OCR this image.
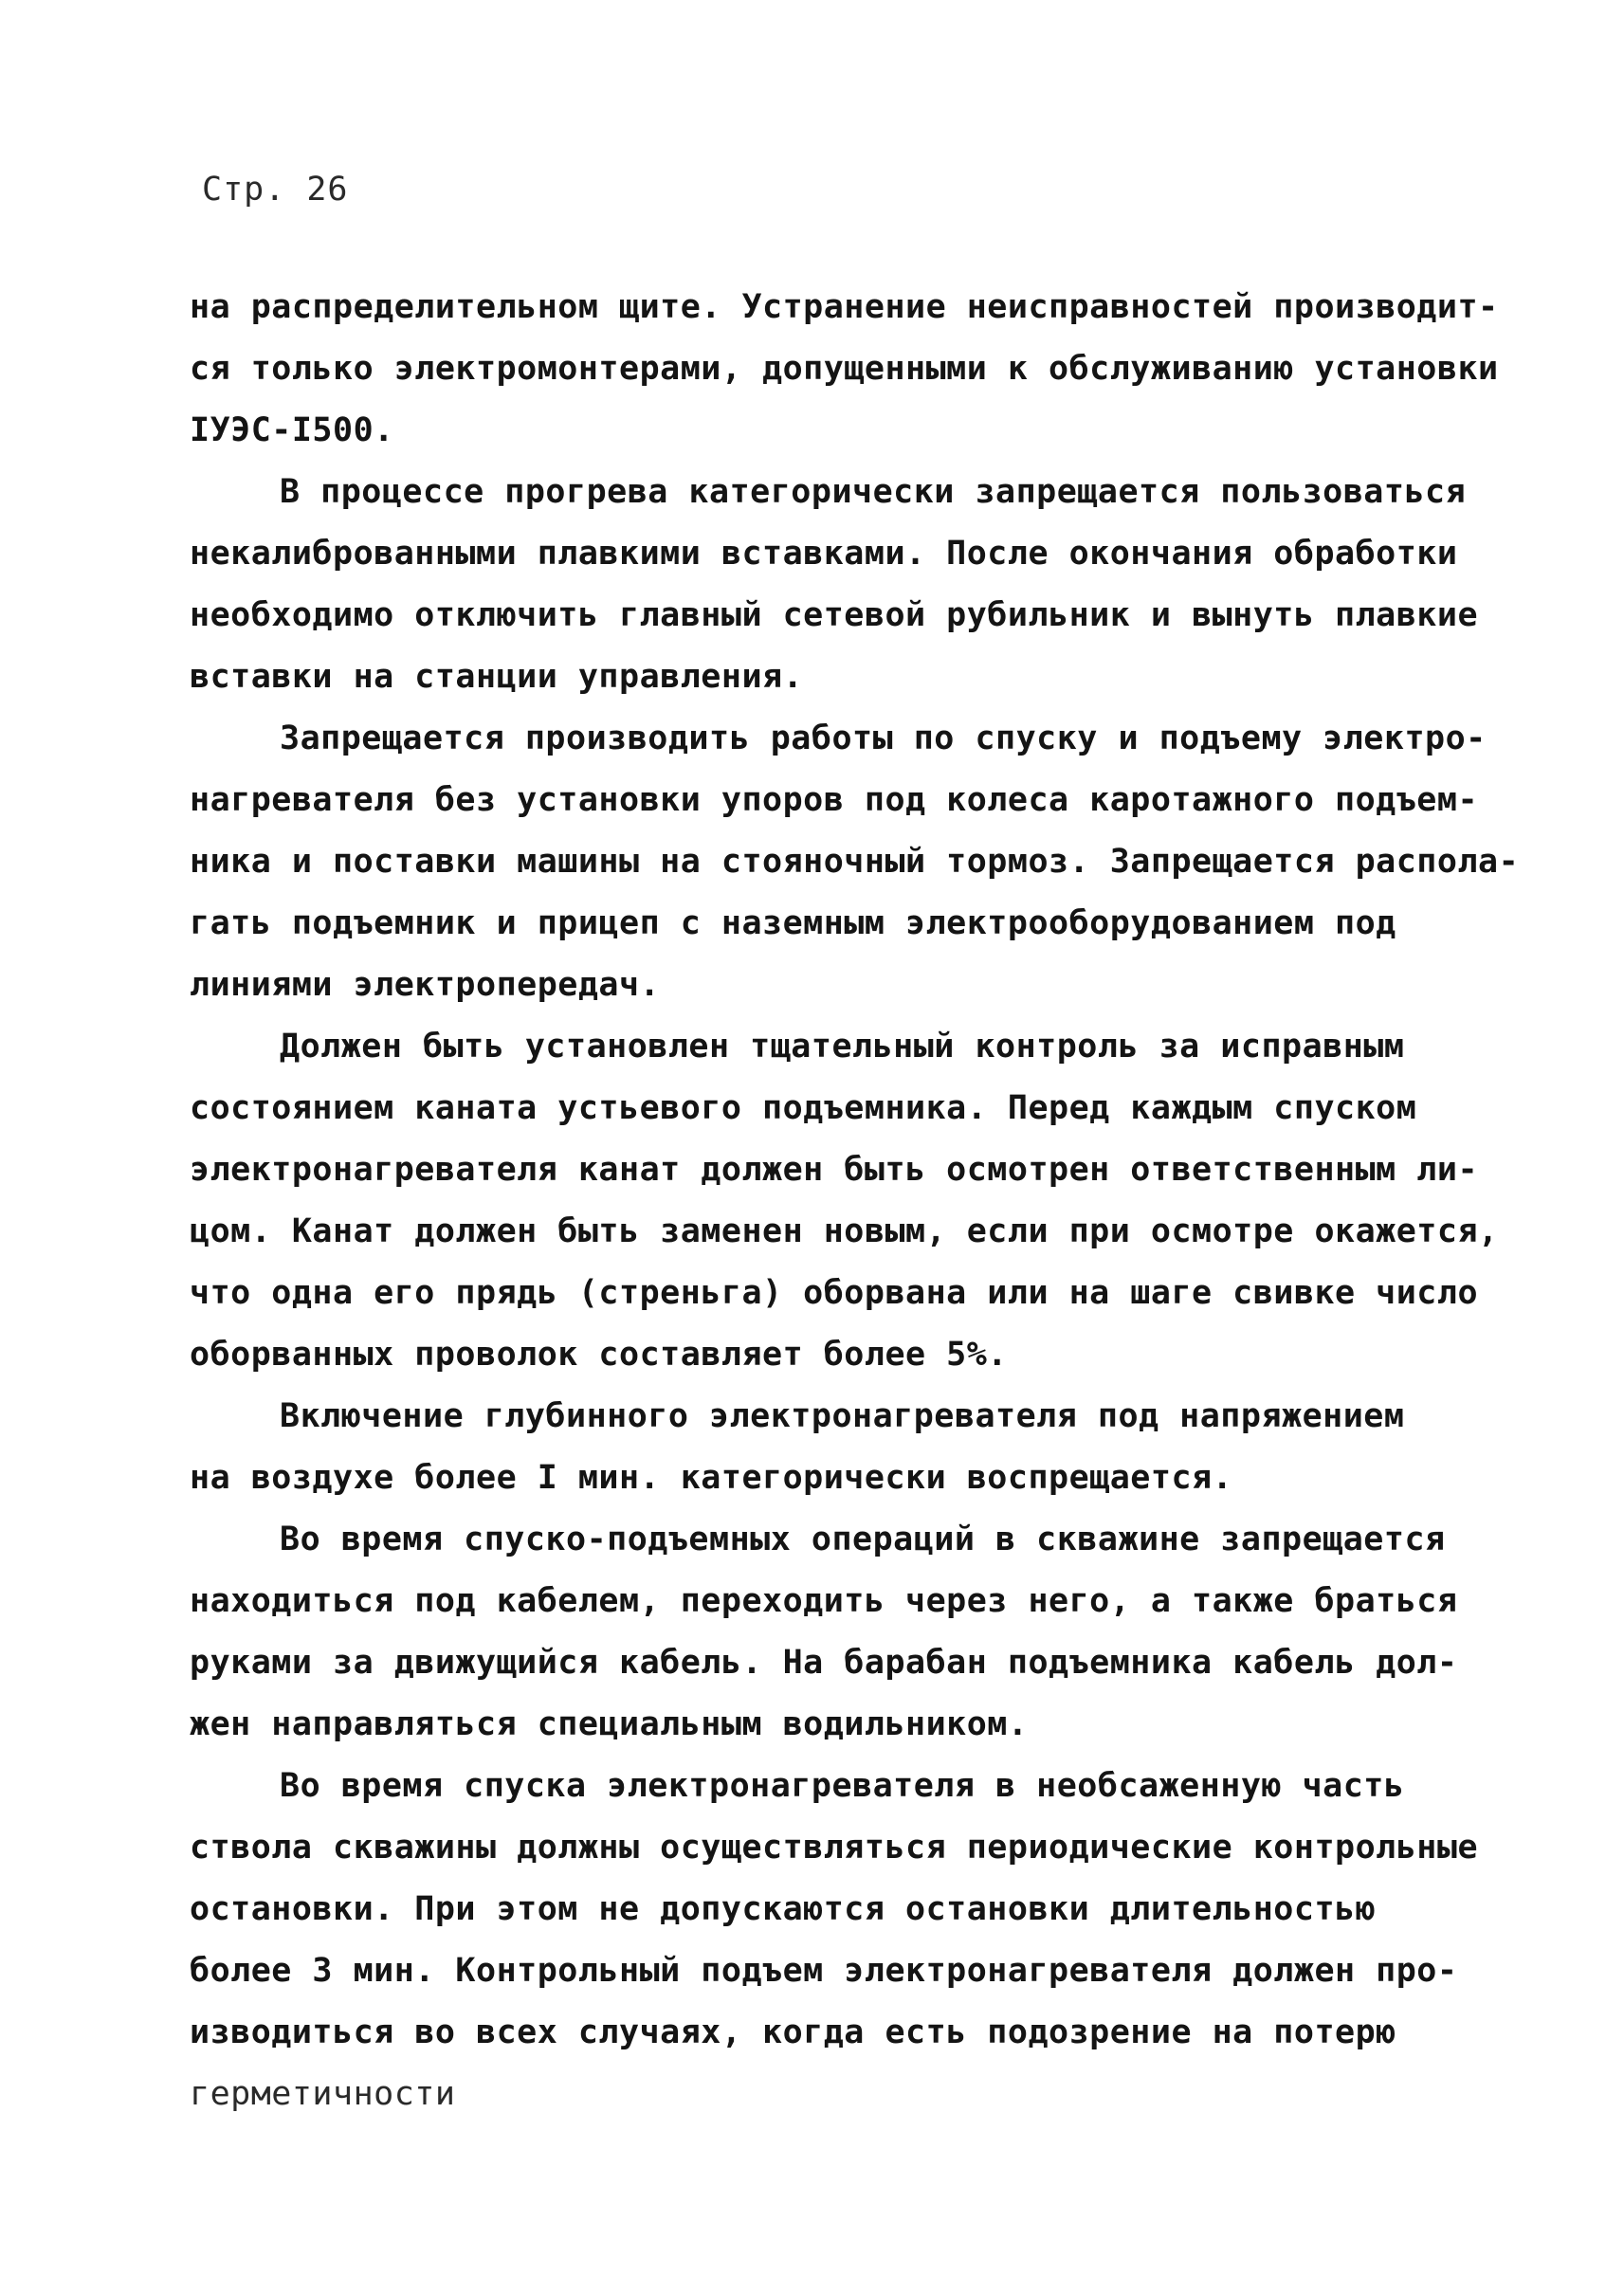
Стр. 26
на распределительном щите. Устранение неисправностей производит-
ся только электромонтерами, допущенными к обслуживанию установки
IУЭС-I500.
В процессе прогрева категорически запрещается пользоваться
некалиброванными плавкими вставками. После окончания обработки
необходимо отключить главный сетевой рубильник и вынуть плавкие
вставки на станции управления.
Запрещается производить работы по спуску и подъему электро-
нагревателя без установки упоров под колеса каротажного подъем-
ника и поставки машины на стояночный тормоз. Запрещается распола-
гать подъемник и прицеп с наземным электрооборудованием под
линиями электропередач.
Должен быть установлен тщательный контроль за исправным
состоянием каната устьевого подъемника. Перед каждым спуском
электронагревателя канат должен быть осмотрен ответственным ли-
цом. Канат должен быть заменен новым, если при осмотре окажется,
что одна его прядь (стреньга) оборвана или на шаге свивке число
оборванных проволок составляет более 5%.
Включение глубинного электронагревателя под напряжением
на воздухе более I мин. категорически воспрещается.
Во время спуско-подъемных операций в скважине запрещается
находиться под кабелем, переходить через него, а также браться
руками за движущийся кабель. На барабан подъемника кабель дол-
жен направляться специальным водильником.
Во время спуска электронагревателя в необсаженную часть
ствола скважины должны осуществляться периодические контрольные
остановки. При этом не допускаются остановки длительностью
более 3 мин. Контрольный подъем электронагревателя должен про-
изводиться во всех случаях, когда есть подозрение на потерю
герметичности
